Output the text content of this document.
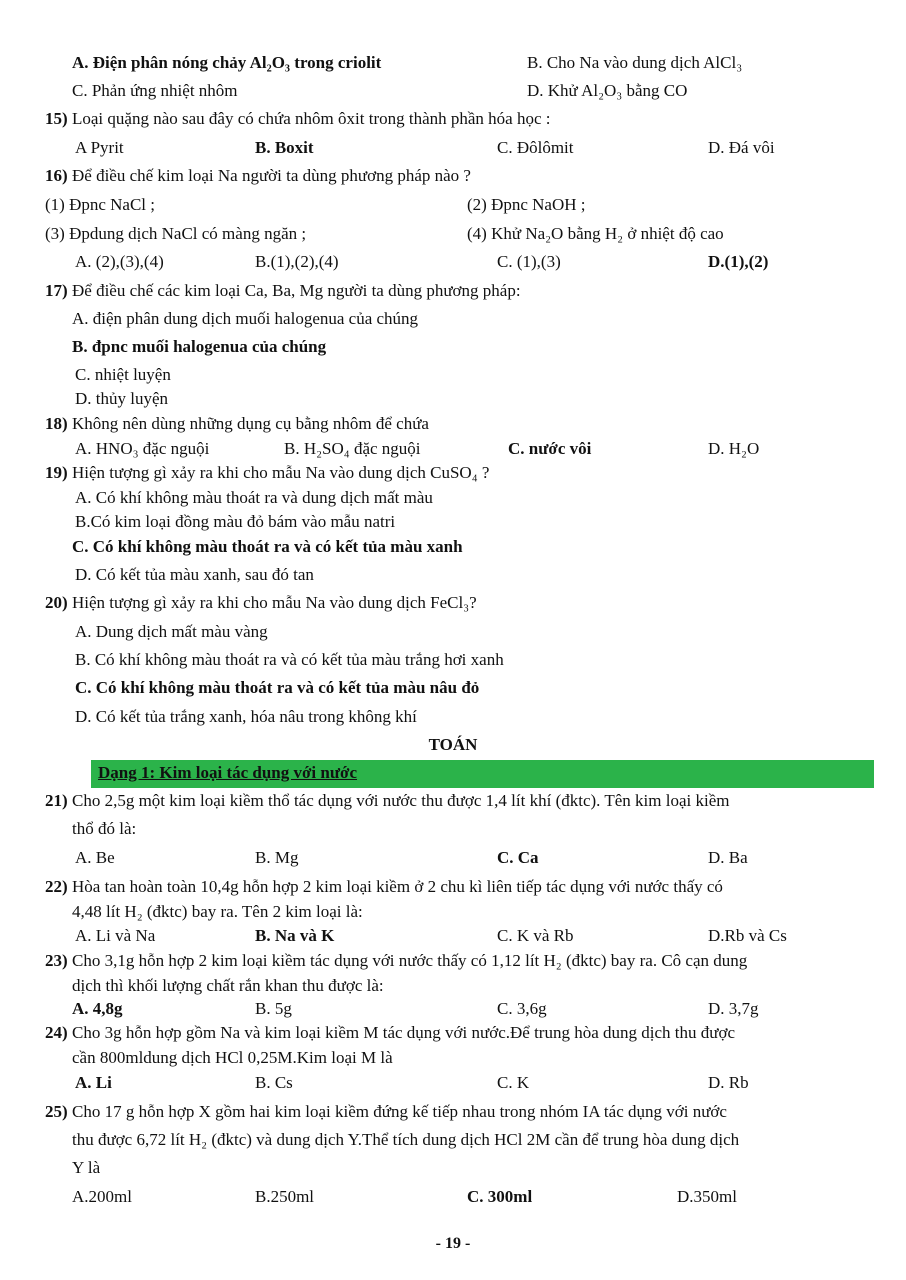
A. Điện phân nóng chảy Al₂O₃ trong criolit	B. Cho Na vào dung dịch AlCl₃
C. Phản ứng nhiệt nhôm	D. Khử Al₂O₃ bằng CO
15) Loại quặng nào sau đây có chứa nhôm ôxit trong thành phần hóa học :
A Pyrit	B. Boxit	C. Đôlômit	D. Đá vôi
16) Để điều chế kim loại Na người ta dùng phương pháp nào ?
(1) Đpnc NaCl ;	(2) Đpnc NaOH ;
(3) Đpdung dịch NaCl có màng ngăn ;	(4) Khử Na₂O bằng H₂ ở nhiệt độ cao
A. (2),(3),(4)	B.(1),(2),(4)	C. (1),(3)	D.(1),(2)
17) Để điều chế các kim loại Ca, Ba, Mg người ta dùng phương pháp:
A. điện phân dung dịch muối halogenua của chúng
B. đpnc muối halogenua của chúng
C. nhiệt luyện
D. thủy luyện
18) Không nên dùng những dụng cụ bằng nhôm để chứa
A. HNO₃ đặc nguội	B. H₂SO₄ đặc nguội	C. nước vôi	D. H₂O
19) Hiện tượng gì xảy ra khi cho mẫu Na vào dung dịch CuSO₄ ?
A. Có khí không màu thoát ra và dung dịch mất màu
B.Có kim loại đồng màu đỏ bám vào mẫu natri
C. Có khí không màu thoát ra và có kết tủa màu xanh
D. Có kết tủa màu xanh, sau đó tan
20) Hiện tượng gì xảy ra khi cho mẫu Na vào dung dịch FeCl₃?
A. Dung dịch mất màu vàng
B. Có khí không màu thoát ra và có kết tủa màu trắng hơi xanh
C. Có khí không màu thoát ra và có kết tủa màu nâu đỏ
D. Có kết tủa trắng xanh, hóa nâu trong không khí
TOÁN
Dạng 1: Kim loại tác dụng với nước
21) Cho 2,5g một kim loại kiềm thổ tác dụng với nước thu được 1,4 lít khí (đktc). Tên kim loại kiềm
thổ đó là:
A. Be	B. Mg	C. Ca	D. Ba
22) Hòa tan hoàn toàn 10,4g hỗn hợp 2 kim loại kiềm ở 2 chu kì liên tiếp tác dụng với nước thấy có
4,48 lít H₂ (đktc) bay ra. Tên 2 kim loại là:
A. Li và Na	B. Na và K	C. K và Rb	D.Rb và Cs
23) Cho 3,1g hỗn hợp 2 kim loại kiềm tác dụng với nước thấy có 1,12 lít H₂ (đktc) bay ra. Cô cạn dung
dịch thì khối lượng chất rắn khan thu được là:
A. 4,8g	B. 5g	C. 3,6g	D. 3,7g
24) Cho 3g hỗn hợp gồm Na và kim loại kiềm M tác dụng với nước.Để trung hòa dung dịch thu được
cần 800mldung dịch HCl 0,25M.Kim loại M là
A. Li	B. Cs	C. K	D. Rb
25) Cho 17 g hỗn hợp X gồm hai kim loại kiềm đứng kế tiếp nhau trong nhóm IA tác dụng với nước
thu được 6,72 lít H₂ (đktc) và dung dịch Y.Thể tích dung dịch HCl 2M cần để trung hòa dung dịch
Y là
A.200ml	B.250ml	C. 300ml	D.350ml
- 19 -
